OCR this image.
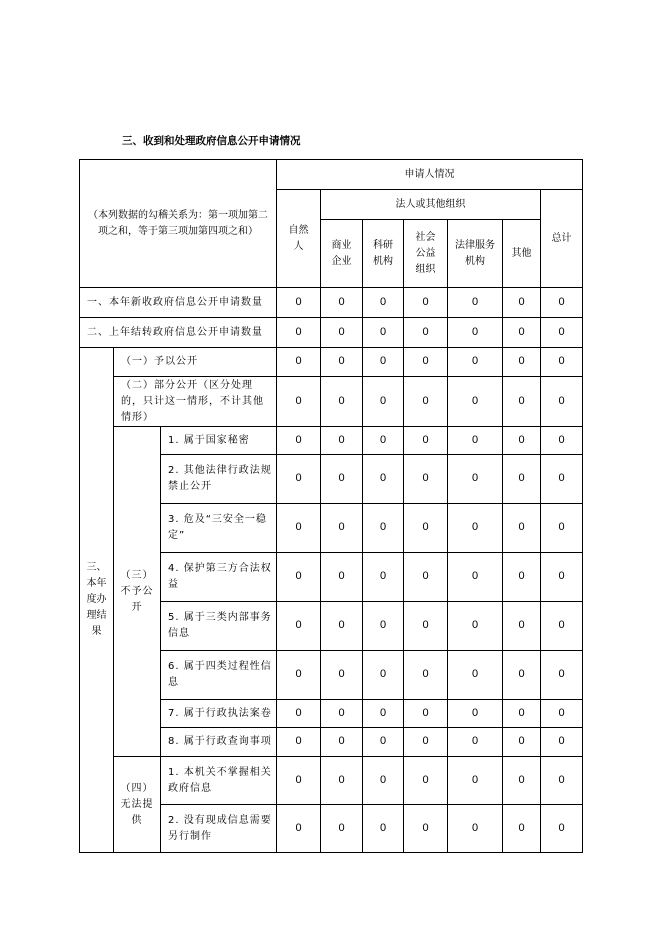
三、收到和处理政府信息公开申请情况
（本列数据的勾稽关系为：第一项加第二项之和，等于第三项加第四项之和）			申请人情况						
			自然人	法人或其他组织					总计
				商业企业	科研机构	社会公益组织	法律服务机构	其他	
一、本年新收政府信息公开申请数量			0	0	0	0	0	0	0
二、上年结转政府信息公开申请数量			0	0	0	0	0	0	0
三、本年度办理结果	（一）予以公开		0	0	0	0	0	0	0
	（二）部分公开（区分处理的，只计这一情形，不计其他情形）		0	0	0	0	0	0	0
	（三）不予公开	1. 属于国家秘密	0	0	0	0	0	0	0
		2. 其他法律行政法规禁止公开	0	0	0	0	0	0	0
		3. 危及“三安全一稳定”	0	0	0	0	0	0	0
		4. 保护第三方合法权益	0	0	0	0	0	0	0
		5. 属于三类内部事务信息	0	0	0	0	0	0	0
		6. 属于四类过程性信息	0	0	0	0	0	0	0
		7. 属于行政执法案卷	0	0	0	0	0	0	0
		8. 属于行政查询事项	0	0	0	0	0	0	0
	（四）无法提供	1. 本机关不掌握相关政府信息	0	0	0	0	0	0	0
		2. 没有现成信息需要另行制作	0	0	0	0	0	0	0
